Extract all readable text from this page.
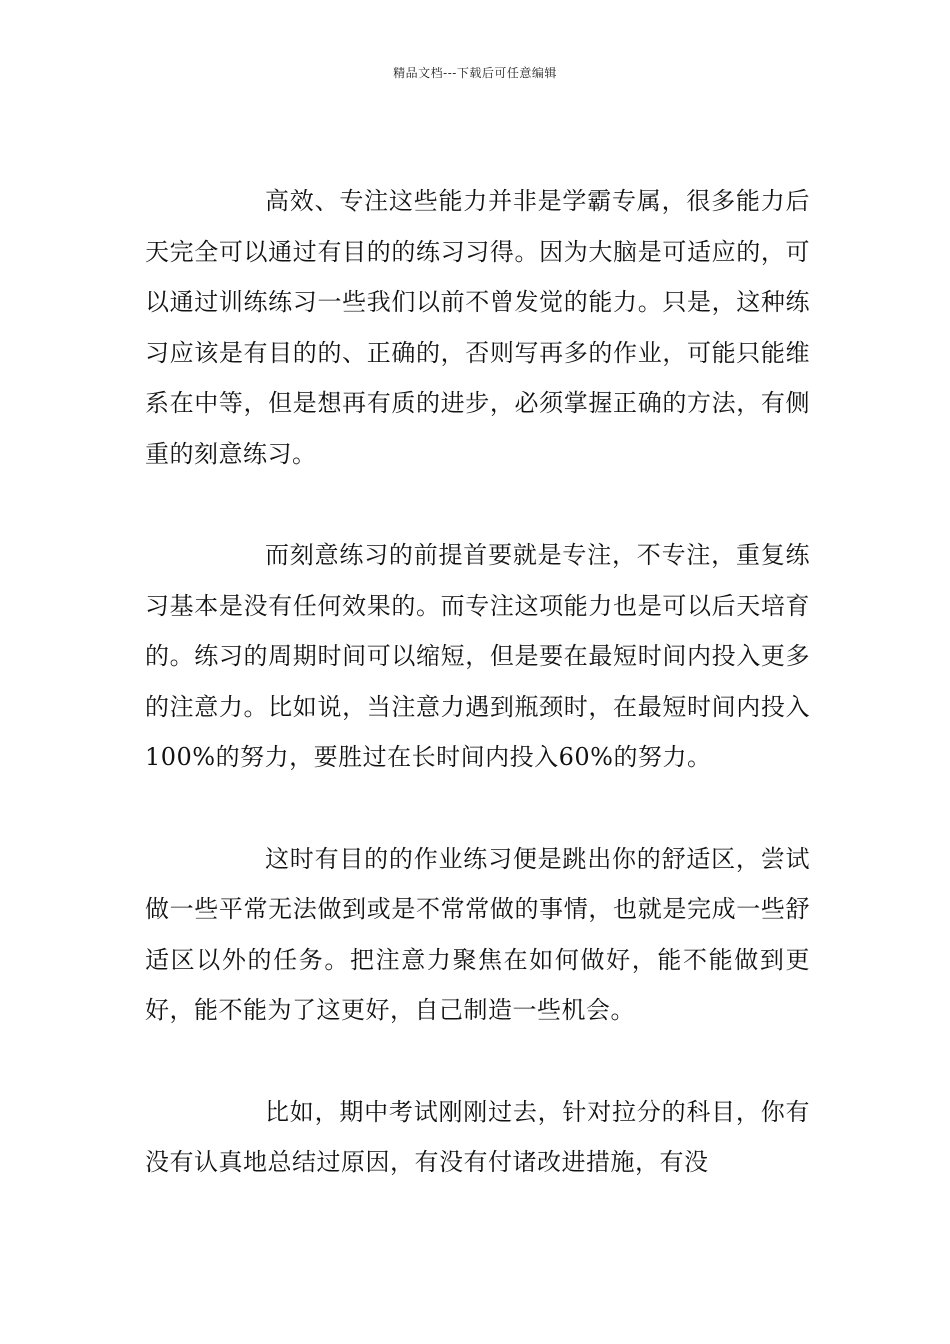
精品文档---下载后可任意编辑

高效、专注这些能力并非是学霸专属，很多能力后天完全可以通过有目的的练习习得。因为大脑是可适应的，可以通过训练练习一些我们以前不曾发觉的能力。只是，这种练习应该是有目的的、正确的，否则写再多的作业，可能只能维系在中等，但是想再有质的进步，必须掌握正确的方法，有侧重的刻意练习。

而刻意练习的前提首要就是专注，不专注，重复练习基本是没有任何效果的。而专注这项能力也是可以后天培育的。练习的周期时间可以缩短，但是要在最短时间内投入更多的注意力。比如说，当注意力遇到瓶颈时，在最短时间内投入100%的努力，要胜过在长时间内投入60%的努力。

这时有目的的作业练习便是跳出你的舒适区，尝试做一些平常无法做到或是不常常做的事情，也就是完成一些舒适区以外的任务。把注意力聚焦在如何做好，能不能做到更好，能不能为了这更好，自己制造一些机会。

比如，期中考试刚刚过去，针对拉分的科目，你有没有认真地总结过原因，有没有付诸改进措施，有没
